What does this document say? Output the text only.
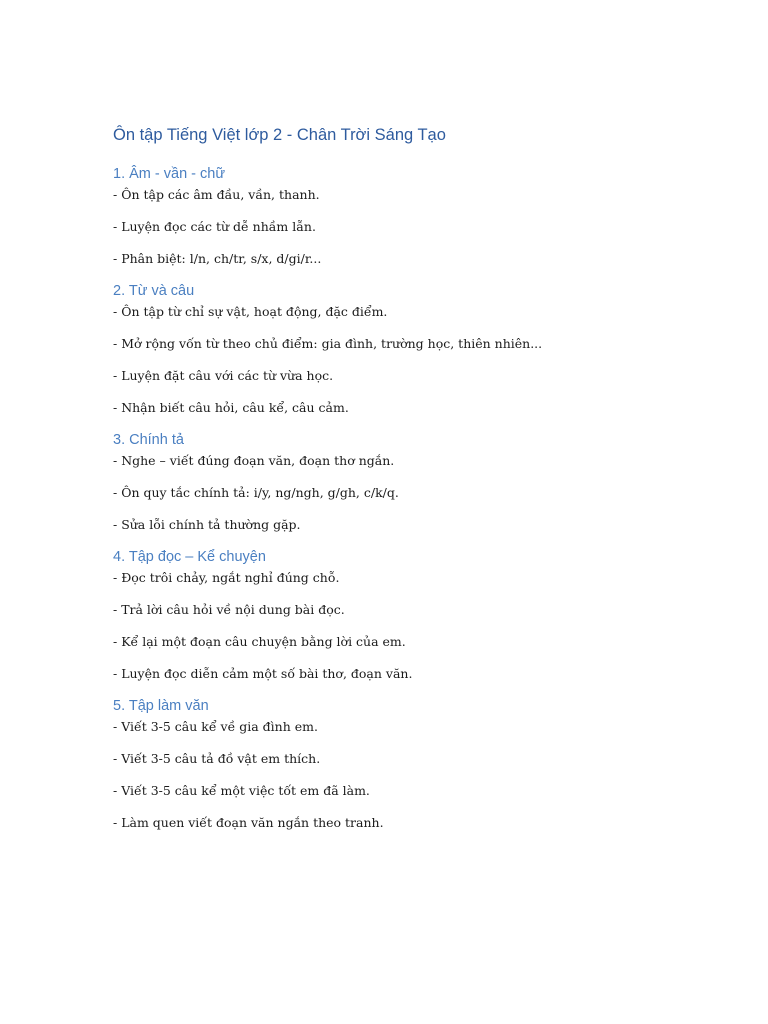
Ôn tập Tiếng Việt lớp 2 - Chân Trời Sáng Tạo
1. Âm - vần - chữ
- Ôn tập các âm đầu, vần, thanh.
- Luyện đọc các từ dễ nhầm lẫn.
- Phân biệt: l/n, ch/tr, s/x, d/gi/r...
2. Từ và câu
- Ôn tập từ chỉ sự vật, hoạt động, đặc điểm.
- Mở rộng vốn từ theo chủ điểm: gia đình, trường học, thiên nhiên...
- Luyện đặt câu với các từ vừa học.
- Nhận biết câu hỏi, câu kể, câu cảm.
3. Chính tả
- Nghe – viết đúng đoạn văn, đoạn thơ ngắn.
- Ôn quy tắc chính tả: i/y, ng/ngh, g/gh, c/k/q.
- Sửa lỗi chính tả thường gặp.
4. Tập đọc – Kể chuyện
- Đọc trôi chảy, ngắt nghỉ đúng chỗ.
- Trả lời câu hỏi về nội dung bài đọc.
- Kể lại một đoạn câu chuyện bằng lời của em.
- Luyện đọc diễn cảm một số bài thơ, đoạn văn.
5. Tập làm văn
- Viết 3-5 câu kể về gia đình em.
- Viết 3-5 câu tả đồ vật em thích.
- Viết 3-5 câu kể một việc tốt em đã làm.
- Làm quen viết đoạn văn ngắn theo tranh.
